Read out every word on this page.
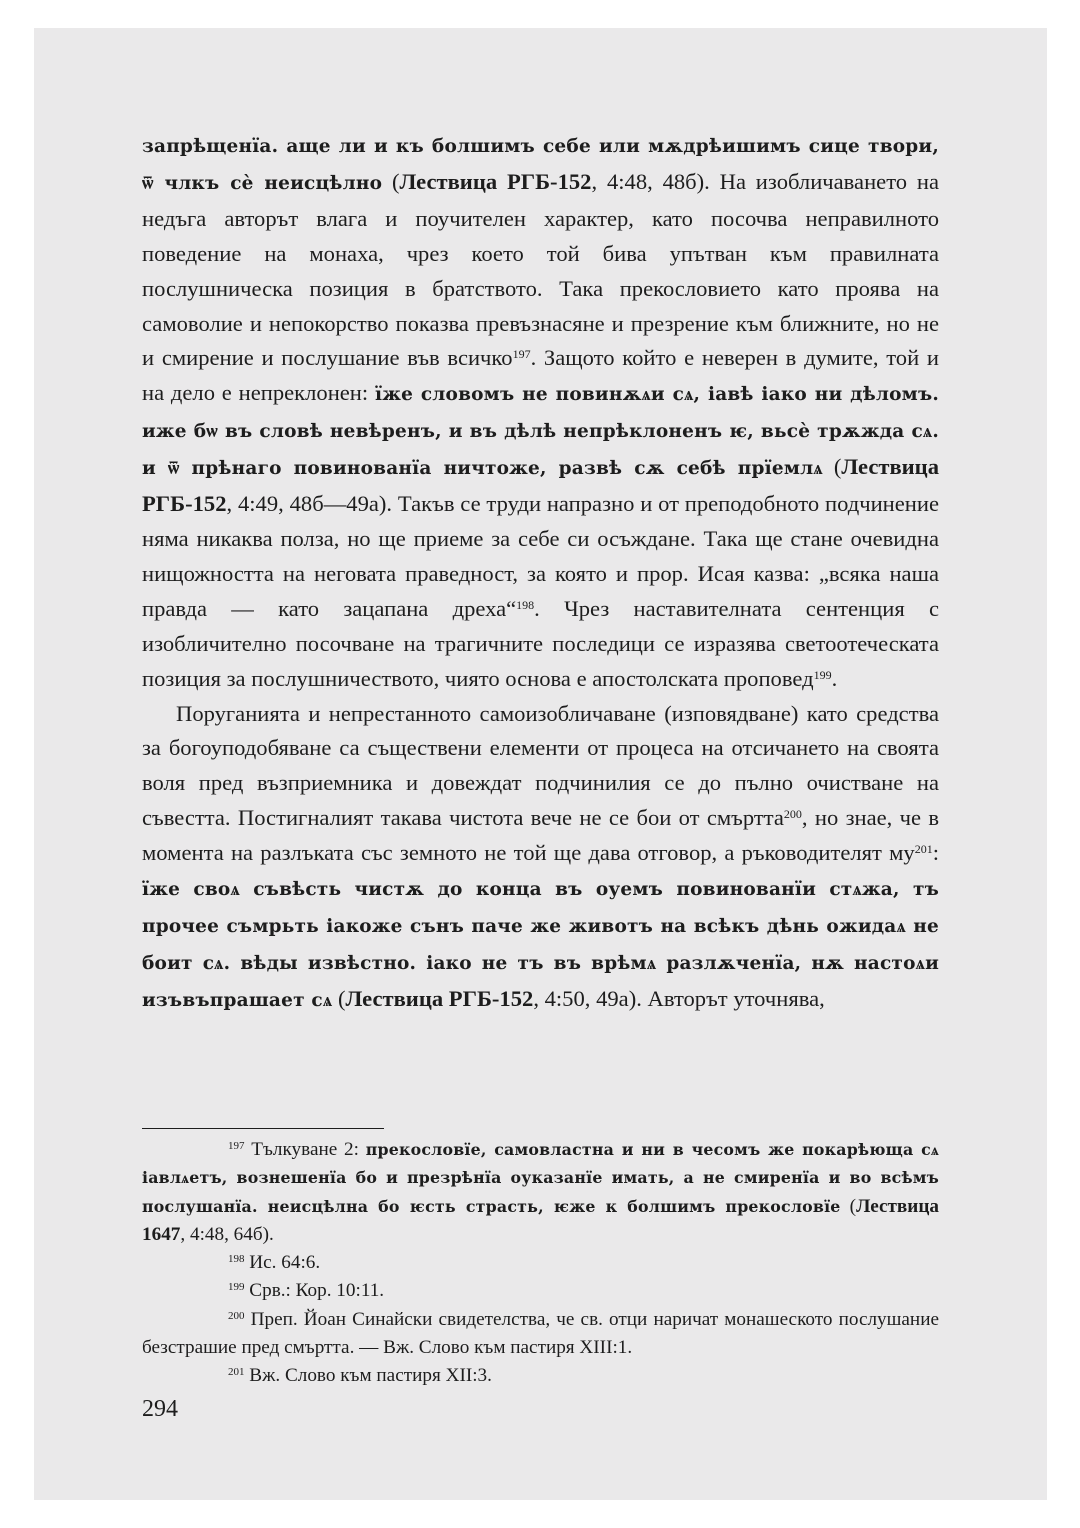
запрѣщенїа. аще ли и къ болшимъ себе или мѫдрѣишимъ сице твори, ѿ члкъ сѐ неисцѣлно (Лествица РГБ-152, 4:48, 48б). На изобличаването на недъга авторът влага и поучителен характер, като посочва неправилното поведение на монаха, чрез което той бива упътван към правилната послушническа позиция в братството. Така прекословието като проява на самоволие и непокорство показва превъзнасяне и презрение към ближните, но не и смирение и послушание във всичко$^{197}$. Защото който е неверен в думите, той и на дело е непреклонен: їже словомъ не повинѫѧи сѧ, iавѣ iако ни дѣломъ. иже бѡ въ словѣ невѣренъ, и въ дѣлѣ непрѣклоненъ ѥ, вьсѐ трѫжда сѧ. и ѿ прѣнаго повинованїа ничтоже, развѣ сѫ себѣ прїемлѧ (Лествица РГБ-152, 4:49, 48б—49а). Такъв се труди напразно и от преподобното подчинение няма никаква полза, но ще приеме за себе си осъждане. Така ще стане очевидна нищожността на неговата праведност, за която и прор. Исая казва: „всяка наша правда — като зацапана дреха“$^{198}$. Чрез наставителната сентенция с изобличително посочване на трагичните последици се изразява светоотеческата позиция за послушничеството, чиято основа е апостолската проповед$^{199}$.

Поруганията и непрестанното самоизобличаване (изповядване) като средства за богоуподобяване са съществени елементи от процеса на отсичането на своята воля пред възприемника и довеждат подчинилия се до пълно очистване на съвестта. Постигналият такава чистота вече не се бои от смъртта$^{200}$, но знае, че в момента на разлъката със земното не той ще дава отговор, а ръководителят $му^{201}$: їже своѧ съвѣсть чистѫ до конца въ оуемъ повинованїи стѧжа, тъ прочее съмрьть iакоже сънъ паче же животъ на всѣкъ дѣнь ожидаѧ не боит сѧ. вѣды извѣстно. iако не тъ въ врѣмѧ разлѫченїа, нѫ настоѧи изъвъпрашает сѧ (Лествица РГБ-152, 4:50, 49а). Авторът уточнява,

$^{197}$ Тълкуване 2: прекословїе, самовластна и ни в чесомъ же покарѣюща сѧ iавлѧетъ, вознешенїа бо и презрѣнїа оуказанїе имать, а не смиренїа и во всѣмъ послушанїа. неисцѣлна бо ѥсть страсть, ѥже к болшимъ прекословїе (Лествица 1647, 4:48, 64б).

$^{198}$ Ис. 64:6.

$^{199}$ Срв.: Кор. 10:11.

$^{200}$ Преп. Йоан Синайски свидетелства, че св. отци наричат монашеското послушание безстрашие пред смъртта. — Вж. Слово към пастиря XIII:1.

$^{201}$ Вж. Слово към пастиря XII:3.

294
